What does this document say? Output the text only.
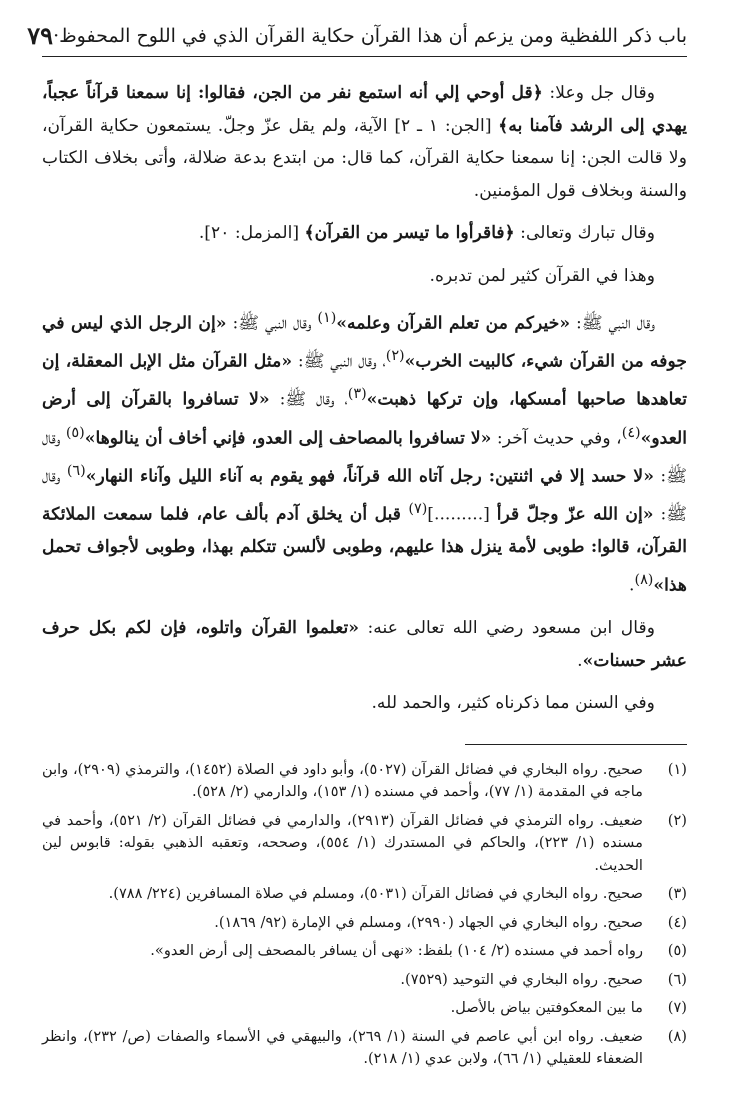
باب ذكر اللفظية ومن يزعم أن هذا القرآن حكاية القرآن الذي في اللوح المحفوظ·
٧٩

وقال جل وعلا: ﴿قل أوحي إلي أنه استمع نفر من الجن، فقالوا: إنا سمعنا قرآناً عجباً، يهدي إلى الرشد فآمنا به﴾ [الجن: ١ ـ ٢] الآية، ولم يقل عزّ وجلّ. يستمعون حكاية القرآن، ولا قالت الجن: إنا سمعنا حكاية القرآن، كما قال: من ابتدع بدعة ضلالة، وأتى بخلاف الكتاب والسنة وبخلاف قول المؤمنين.

وقال تبارك وتعالى: ﴿فاقرأوا ما تيسر من القرآن﴾ [المزمل: ٢٠].

وهذا في القرآن كثير لمن تدبره.

وقال النبي ﷺ: «خيركم من تعلم القرآن وعلمه»$^{(١)}$ وقال النبي ﷺ: «إن الرجل الذي ليس في جوفه من القرآن شيء، كالبيت الخرب»$^{(٢)}$، وقال النبي ﷺ: «مثل القرآن مثل الإبل المعقلة، إن تعاهدها صاحبها أمسكها، وإن تركها ذهبت»$^{(٣)}$، وقال ﷺ: «لا تسافروا بالقرآن إلى أرض العدو»$^{(٤)}$، وفي حديث آخر: «لا تسافروا بالمصاحف إلى العدو، فإني أخاف أن ينالوها»$^{(٥)}$ وقال ﷺ: «لا حسد إلا في اثنتين: رجل آتاه الله قرآناً، فهو يقوم به آناء الليل وآناء النهار»$^{(٦)}$ وقال ﷺ: «إن الله عزّ وجلّ قرأ [.........]$^{(٧)}$ قبل أن يخلق آدم بألف عام، فلما سمعت الملائكة القرآن، قالوا: طوبى لأمة ينزل هذا عليهم، وطوبى لألسن تتكلم بهذا، وطوبى لأجواف تحمل هذا»$^{(٨)}$.

وقال ابن مسعود رضي الله تعالى عنه: «تعلموا القرآن واتلوه، فإن لكم بكل حرف عشر حسنات».

وفي السنن مما ذكرناه كثير، والحمد لله.

(١)
صحيح. رواه البخاري في فضائل القرآن (٥٠٢٧)، وأبو داود في الصلاة (١٤٥٢)، والترمذي (٢٩٠٩)، وابن ماجه في المقدمة (١/ ٧٧)، وأحمد في مسنده (١/ ١٥٣)، والدارمي (٢/ ٥٢٨).
(٢)
ضعيف. رواه الترمذي في فضائل القرآن (٢٩١٣)، والدارمي في فضائل القرآن (٢/ ٥٢١)، وأحمد في مسنده (١/ ٢٢٣)، والحاكم في المستدرك (١/ ٥٥٤)، وصححه، وتعقبه الذهبي بقوله: قابوس لين الحديث.
(٣)
صحيح. رواه البخاري في فضائل القرآن (٥٠٣١)، ومسلم في صلاة المسافرين (٢٢٤/ ٧٨٨).
(٤)
صحيح. رواه البخاري في الجهاد (٢٩٩٠)، ومسلم في الإمارة (٩٢/ ١٨٦٩).
(٥)
رواه أحمد في مسنده (٢/ ١٠٤) بلفظ: «نهى أن يسافر بالمصحف إلى أرض العدو».
(٦)
صحيح. رواه البخاري في التوحيد (٧٥٢٩).
(٧)
ما بين المعكوفتين بياض بالأصل.
(٨)
ضعيف. رواه ابن أبي عاصم في السنة (١/ ٢٦٩)، والبيهقي في الأسماء والصفات (ص/ ٢٣٢)، وانظر الضعفاء للعقيلي (١/ ٦٦)، ولابن عدي (١/ ٢١٨).
